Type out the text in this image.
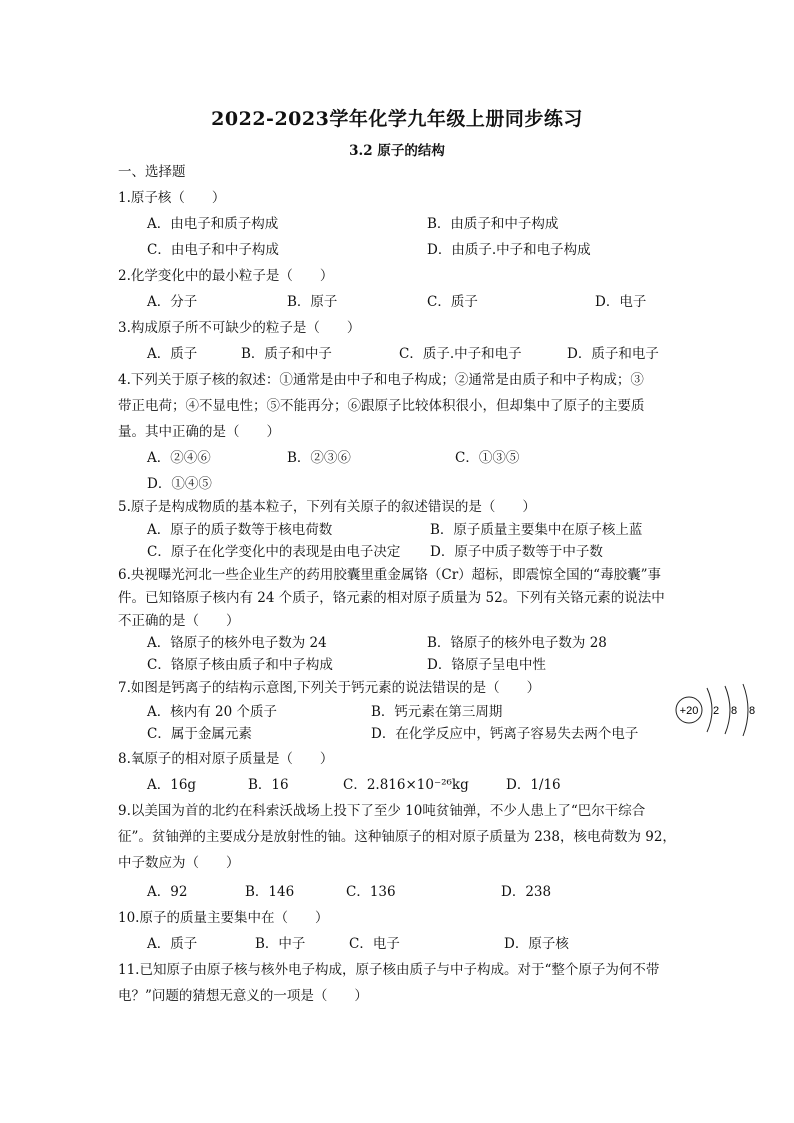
2022-2023学年化学九年级上册同步练习
3.2 原子的结构
一、选择题
1.原子核（　　）
A．由电子和质子构成	B．由质子和中子构成
C．由电子和中子构成	D．由质子.中子和电子构成
2.化学变化中的最小粒子是（　　）
A．分子	B．原子	C．质子	D．电子
3.构成原子所不可缺少的粒子是（　　）
A．质子	B．质子和中子	C．质子.中子和电子	D．质子和电子
4.下列关于原子核的叙述：①通常是由中子和电子构成；②通常是由质子和中子构成；③
带正电荷；④不显电性；⑤不能再分；⑥跟原子比较体积很小，但却集中了原子的主要质
量。其中正确的是（　　）
A．②④⑥	B．②③⑥	C．①③⑤
D．①④⑤
5.原子是构成物质的基本粒子，下列有关原子的叙述错误的是（　　）
A．原子的质子数等于核电荷数	B．原子质量主要集中在原子核上蓝
C．原子在化学变化中的表现是由电子决定 D．原子中质子数等于中子数
6.央视曝光河北一些企业生产的药用胶囊里重金属铬（Cr）超标，即震惊全国的“毒胶囊”事
件。已知铬原子核内有 24 个质子，铬元素的相对原子质量为 52。下列有关铬元素的说法中
不正确的是（　　）
A．铬原子的核外电子数为 24	B．铬原子的核外电子数为 28
C．铬原子核由质子和中子构成	D．铬原子呈电中性
7.如图是钙离子的结构示意图,下列关于钙元素的说法错误的是（　　）
A．核内有 20 个质子	B．钙元素在第三周期
C．属于金属元素	D．在化学反应中，钙离子容易失去两个电子
+20 2 8 8
8.氧原子的相对原子质量是（　　）
A．16g	B．16	C．2.816×10⁻²⁶kg	D．1/16
9.以美国为首的北约在科索沃战场上投下了至少 10吨贫铀弹，不少人患上了“巴尔干综合
征”。贫铀弹的主要成分是放射性的铀。这种铀原子的相对原子质量为 238，核电荷数为 92，
中子数应为（　　）
A．92	B．146	C．136	D．238
10.原子的质量主要集中在（　　）
A．质子	B．中子	C．电子	D．原子核
11.已知原子由原子核与核外电子构成，原子核由质子与中子构成。对于“整个原子为何不带
电？”问题的猜想无意义的一项是（　　）
